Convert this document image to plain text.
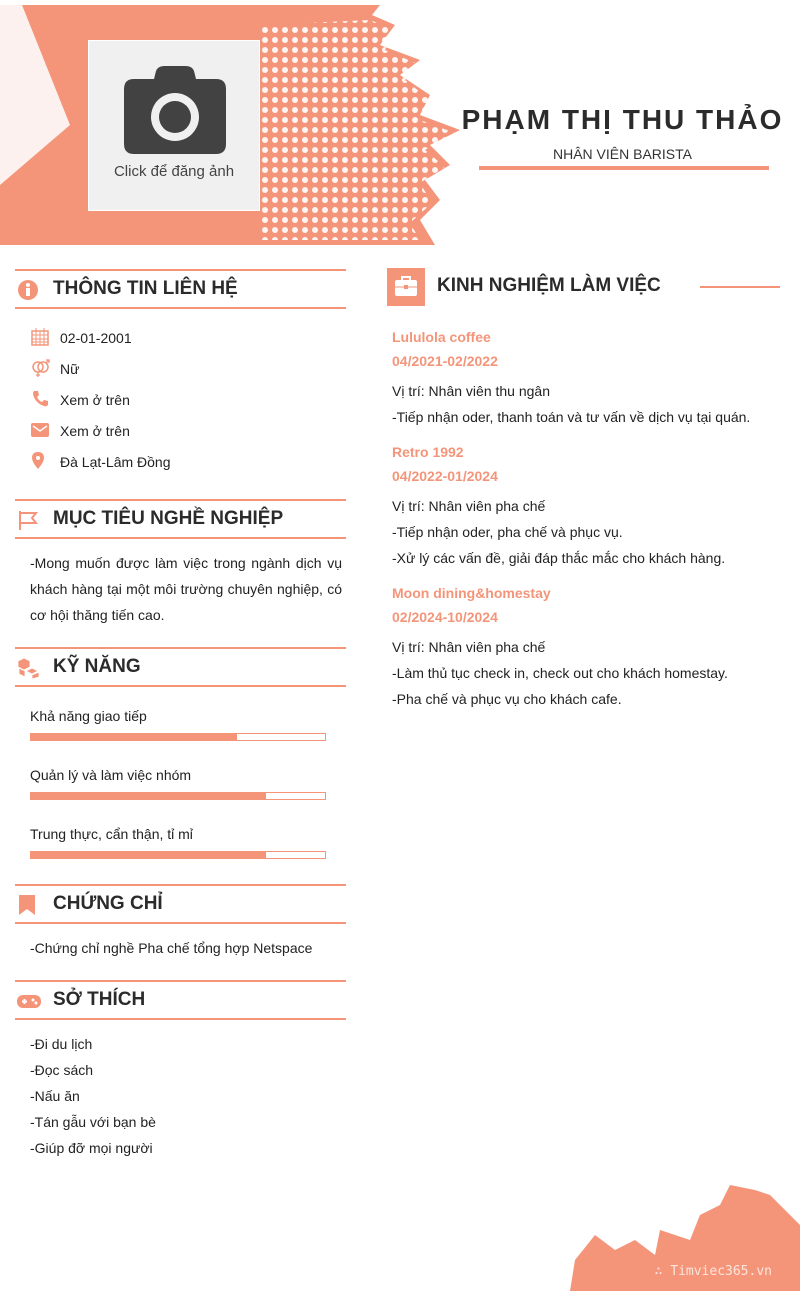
Click để đăng ảnh
PHẠM THỊ THU THẢO
NHÂN VIÊN BARISTA
THÔNG TIN LIÊN HỆ
02-01-2001
Nữ
Xem ở trên
Xem ở trên
Đà Lạt-Lâm Đồng
MỤC TIÊU NGHỀ NGHIỆP
-Mong muốn được làm việc trong ngành dịch vụ khách hàng tại một môi trường chuyên nghiệp, có cơ hội thăng tiến cao.
KỸ NĂNG
Khả năng giao tiếp
Quản lý và làm việc nhóm
Trung thực, cẩn thận, tỉ mỉ
CHỨNG CHỈ
-Chứng chỉ nghề Pha chế tổng hợp Netspace
SỞ THÍCH
-Đi du lịch
-Đọc sách
-Nấu ăn
-Tán gẫu với bạn bè
-Giúp đỡ mọi người
KINH NGHIỆM LÀM VIỆC
Lululola coffee
04/2021-02/2022
Vị trí: Nhân viên thu ngân
-Tiếp nhận oder, thanh toán và tư vấn về dịch vụ tại quán.
Retro 1992
04/2022-01/2024
Vị trí: Nhân viên pha chế
-Tiếp nhận oder, pha chế và phục vụ.
-Xử lý các vấn đề, giải đáp thắc mắc cho khách hàng.
Moon dining&homestay
02/2024-10/2024
Vị trí: Nhân viên pha chế
-Làm thủ tục check in, check out cho khách homestay.
-Pha chế và phục vụ cho khách cafe.
∴ Timviec365.vn
